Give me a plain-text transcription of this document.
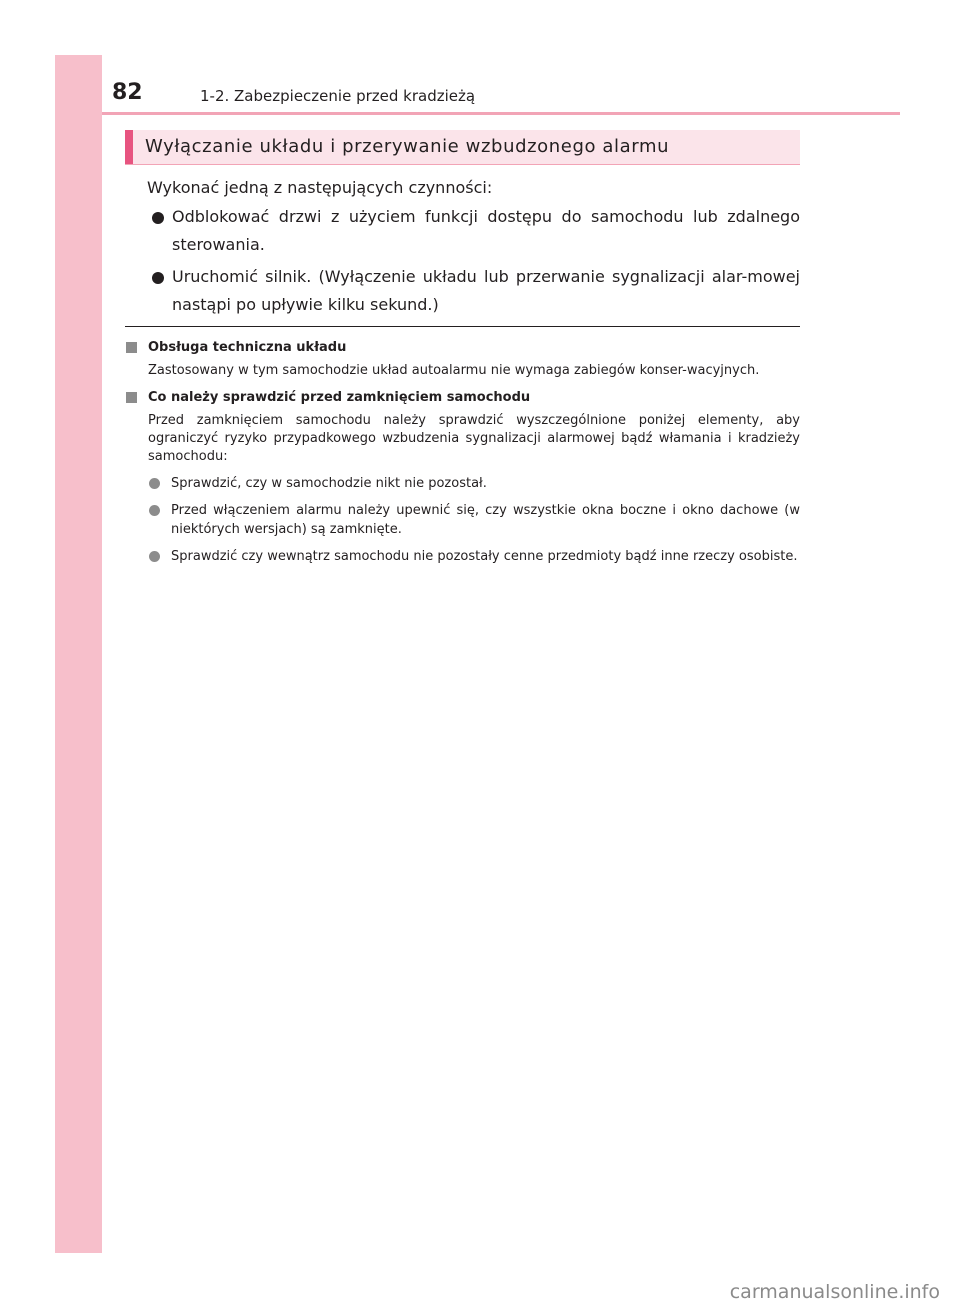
82	1-2. Zabezpieczenie przed kradzieżą
Wyłączanie układu i przerywanie wzbudzonego alarmu
Wykonać jedną z następujących czynności:
Odblokować drzwi z użyciem funkcji dostępu do samochodu lub zdalnego sterowania.
Uruchomić silnik. (Wyłączenie układu lub przerwanie sygnalizacji alar-mowej nastąpi po upływie kilku sekund.)
Obsługa techniczna układu
Zastosowany w tym samochodzie układ autoalarmu nie wymaga zabiegów konser-wacyjnych.
Co należy sprawdzić przed zamknięciem samochodu
Przed zamknięciem samochodu należy sprawdzić wyszczególnione poniżej elementy, aby ograniczyć ryzyko przypadkowego wzbudzenia sygnalizacji alarmowej bądź włamania i kradzieży samochodu:
Sprawdzić, czy w samochodzie nikt nie pozostał.
Przed włączeniem alarmu należy upewnić się, czy wszystkie okna boczne i okno dachowe (w niektórych wersjach) są zamknięte.
Sprawdzić czy wewnątrz samochodu nie pozostały cenne przedmioty bądź inne rzeczy osobiste.
carmanualsonline.info
